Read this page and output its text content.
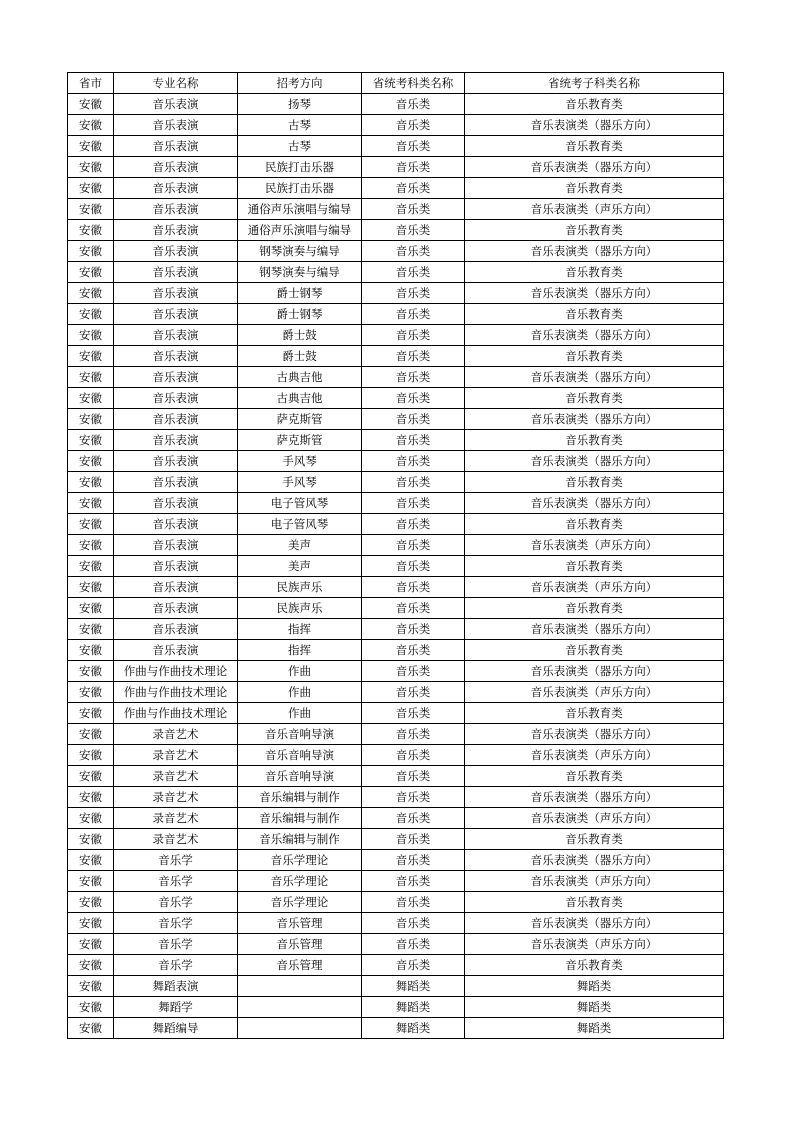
省市	专业名称	招考方向	省统考科类名称	省统考子科类名称
安徽	音乐表演	扬琴	音乐类	音乐教育类
安徽	音乐表演	古琴	音乐类	音乐表演类（器乐方向）
安徽	音乐表演	古琴	音乐类	音乐教育类
安徽	音乐表演	民族打击乐器	音乐类	音乐表演类（器乐方向）
安徽	音乐表演	民族打击乐器	音乐类	音乐教育类
安徽	音乐表演	通俗声乐演唱与编导	音乐类	音乐表演类（声乐方向）
安徽	音乐表演	通俗声乐演唱与编导	音乐类	音乐教育类
安徽	音乐表演	钢琴演奏与编导	音乐类	音乐表演类（器乐方向）
安徽	音乐表演	钢琴演奏与编导	音乐类	音乐教育类
安徽	音乐表演	爵士钢琴	音乐类	音乐表演类（器乐方向）
安徽	音乐表演	爵士钢琴	音乐类	音乐教育类
安徽	音乐表演	爵士鼓	音乐类	音乐表演类（器乐方向）
安徽	音乐表演	爵士鼓	音乐类	音乐教育类
安徽	音乐表演	古典吉他	音乐类	音乐表演类（器乐方向）
安徽	音乐表演	古典吉他	音乐类	音乐教育类
安徽	音乐表演	萨克斯管	音乐类	音乐表演类（器乐方向）
安徽	音乐表演	萨克斯管	音乐类	音乐教育类
安徽	音乐表演	手风琴	音乐类	音乐表演类（器乐方向）
安徽	音乐表演	手风琴	音乐类	音乐教育类
安徽	音乐表演	电子管风琴	音乐类	音乐表演类（器乐方向）
安徽	音乐表演	电子管风琴	音乐类	音乐教育类
安徽	音乐表演	美声	音乐类	音乐表演类（声乐方向）
安徽	音乐表演	美声	音乐类	音乐教育类
安徽	音乐表演	民族声乐	音乐类	音乐表演类（声乐方向）
安徽	音乐表演	民族声乐	音乐类	音乐教育类
安徽	音乐表演	指挥	音乐类	音乐表演类（器乐方向）
安徽	音乐表演	指挥	音乐类	音乐教育类
安徽	作曲与作曲技术理论	作曲	音乐类	音乐表演类（器乐方向）
安徽	作曲与作曲技术理论	作曲	音乐类	音乐表演类（声乐方向）
安徽	作曲与作曲技术理论	作曲	音乐类	音乐教育类
安徽	录音艺术	音乐音响导演	音乐类	音乐表演类（器乐方向）
安徽	录音艺术	音乐音响导演	音乐类	音乐表演类（声乐方向）
安徽	录音艺术	音乐音响导演	音乐类	音乐教育类
安徽	录音艺术	音乐编辑与制作	音乐类	音乐表演类（器乐方向）
安徽	录音艺术	音乐编辑与制作	音乐类	音乐表演类（声乐方向）
安徽	录音艺术	音乐编辑与制作	音乐类	音乐教育类
安徽	音乐学	音乐学理论	音乐类	音乐表演类（器乐方向）
安徽	音乐学	音乐学理论	音乐类	音乐表演类（声乐方向）
安徽	音乐学	音乐学理论	音乐类	音乐教育类
安徽	音乐学	音乐管理	音乐类	音乐表演类（器乐方向）
安徽	音乐学	音乐管理	音乐类	音乐表演类（声乐方向）
安徽	音乐学	音乐管理	音乐类	音乐教育类
安徽	舞蹈表演		舞蹈类	舞蹈类
安徽	舞蹈学		舞蹈类	舞蹈类
安徽	舞蹈编导		舞蹈类	舞蹈类
